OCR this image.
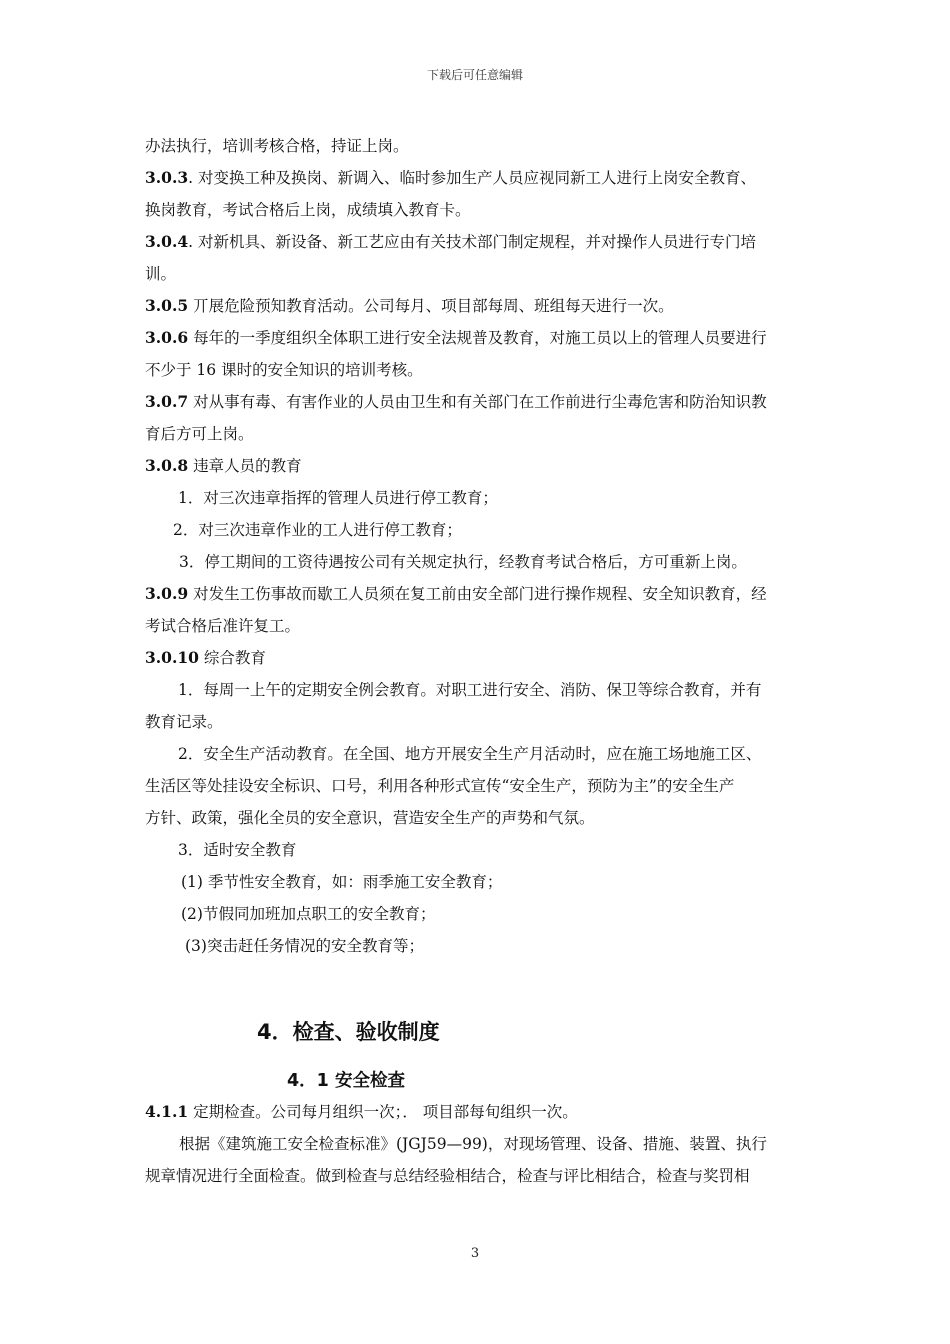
下载后可任意编辑

办法执行，培训考核合格，持证上岗。

3.0.3. 对变换工种及换岗、新调入、临时参加生产人员应视同新工人进行上岗安全教育、

换岗教育，考试合格后上岗，成绩填入教育卡。

3.0.4. 对新机具、新设备、新工艺应由有关技术部门制定规程，并对操作人员进行专门培

训。

3.0.5 丌展危险预知教育活动。公司每月、项目部每周、班组每天进行一次。

3.0.6 每年的一季度组织全体职工进行安全法规普及教育，对施工员以上的管理人员要进行

不少于 16 课时的安全知识的培训考核。

3.0.7 对从事有毒、有害作业的人员由卫生和有关部门在工作前进行尘毒危害和防治知识教

育后方可上岗。

3.0.8 违章人员的教育

1．对三次违章指挥的管理人员进行停工教育；

2．对三次违章作业的工人进行停工教育；

3．停工期间的工资待遇按公司有关规定执行，经教育考试合格后，方可重新上岗。

3.0.9 对发生工伤事故而歇工人员须在复工前由安全部门进行操作规程、安全知识教育，经

考试合格后准许复工。

3.0.10 综合教育

1．每周一上午的定期安全例会教育。对职工进行安全、消防、保卫等综合教育，并有

教育记录。

2．安全生产活动教育。在全国、地方开展安全生产月活动时，应在施工场地施工区、

生活区等处挂设安全标识、口号，利用各种形式宣传“安全生产，预防为主”的安全生产

方针、政策，强化全员的安全意识，营造安全生产的声势和气氛。

3．适时安全教育

(1) 季节性安全教育，如：雨季施工安全教育；

(2)节假同加班加点职工的安全教育；

(3)突击赶任务情况的安全教育等；

4．检查、验收制度

4．1 安全检查

4.1.1 定期检查。公司每月组织一次；． 项目部每旬组织一次。

根据《建筑施工安全检查标准》(JGJ59—99)，对现场管理、设备、措施、装置、执行

规章情况进行全面检查。做到检查与总结经验相结合，检查与评比相结合，检查与奖罚相

3
